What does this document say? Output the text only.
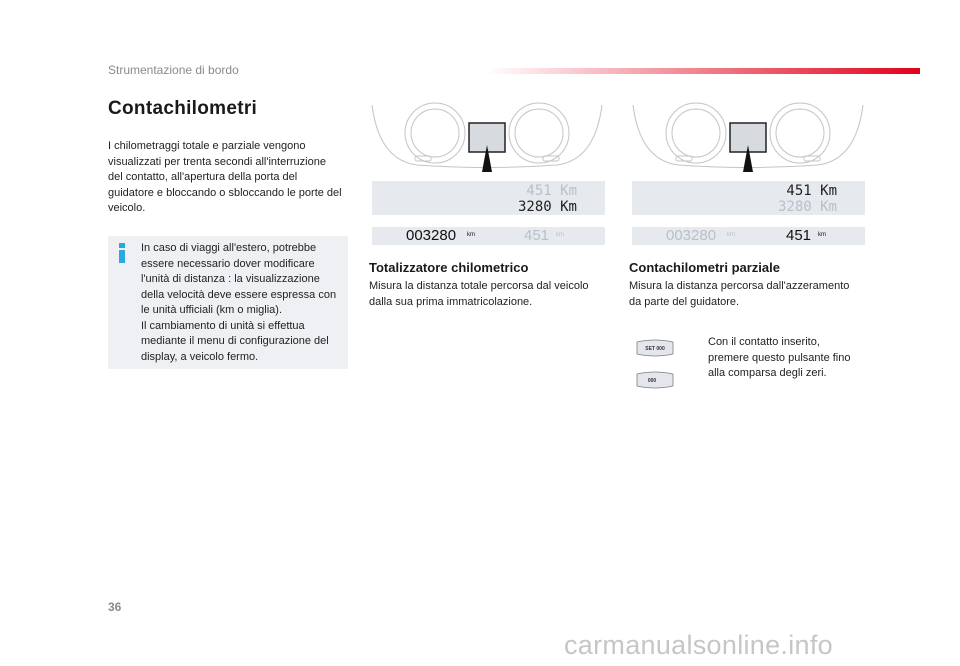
Strumentazione di bordo
Contachilometri
I chilometraggi totale e parziale vengono visualizzati per trenta secondi all'interruzione del contatto, all'apertura della porta del guidatore e bloccando o sbloccando le porte del veicolo.

In caso di viaggi all'estero, potrebbe essere necessario dover modificare l'unità di distanza : la visualizzazione della velocità deve essere espressa con le unità ufficiali (km o miglia).

Il cambiamento di unità si effettua mediante il menu di configurazione del display, a veicolo fermo.

451 Km
3280 Km
451 Km
3280 Km
003280 km	451 km	003280 km	451 km
Totalizzatore chilometrico
Misura la distanza totale percorsa dal veicolo dalla sua prima immatricolazione.
Contachilometri parziale
Misura la distanza percorsa dall'azzeramento da parte del guidatore.
SET 000
000
Con il contatto inserito, premere questo pulsante fino alla comparsa degli zeri.
36
carmanualsonline.info
